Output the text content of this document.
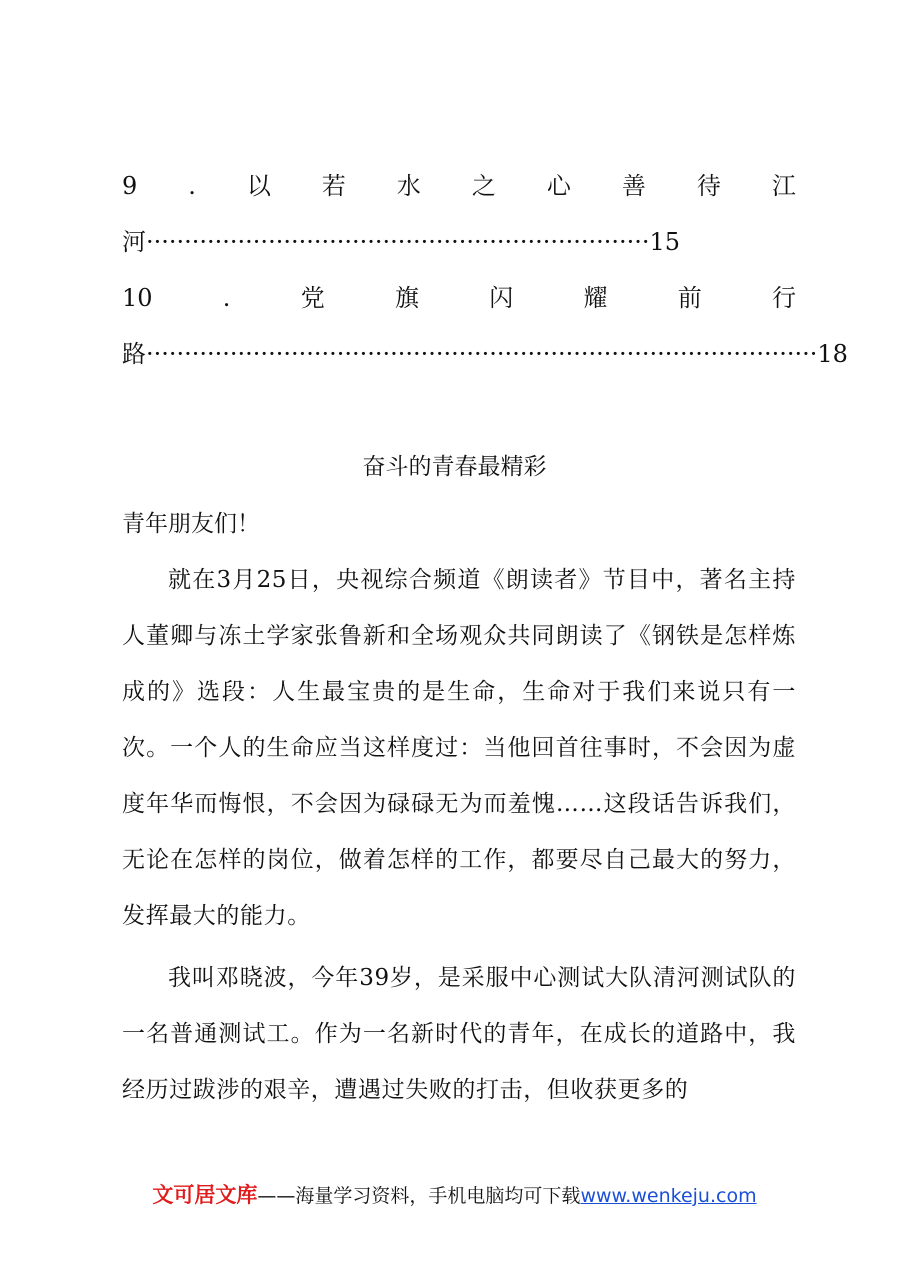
9 . 以 若 水 之 心 善 待 江
河··································································15
10	.	党	旗	闪	耀	前	行
路························································································18
奋斗的青春最精彩
青年朋友们！

就在3月25日，央视综合频道《朗读者》节目中，著名主持人董卿与冻土学家张鲁新和全场观众共同朗读了《钢铁是怎样炼成的》选段：人生最宝贵的是生命，生命对于我们来说只有一次。一个人的生命应当这样度过：当他回首往事时，不会因为虚度年华而悔恨，不会因为碌碌无为而羞愧……这段话告诉我们，无论在怎样的岗位，做着怎样的工作，都要尽自己最大的努力，发挥最大的能力。

我叫邓晓波，今年39岁，是采服中心测试大队清河测试队的一名普通测试工。作为一名新时代的青年，在成长的道路中，我经历过跋涉的艰辛，遭遇过失败的打击，但收获更多的

文可居文库——海量学习资料，手机电脑均可下载www.wenkeju.com
